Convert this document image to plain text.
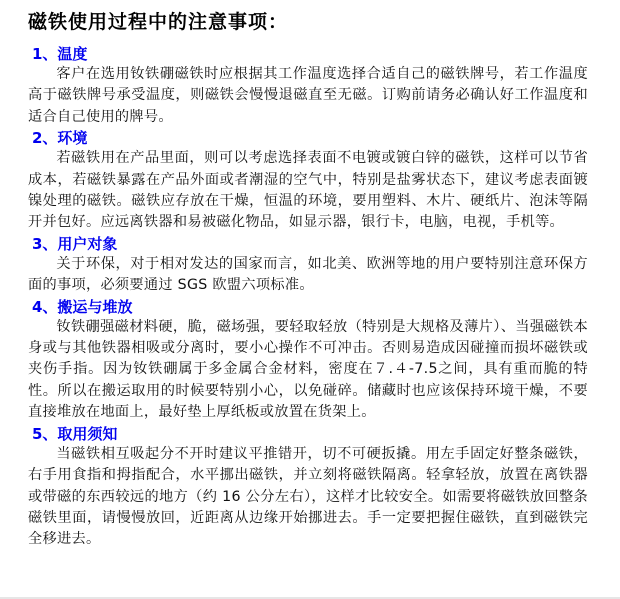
磁铁使用过程中的注意事项：
1、温度

客户在选用钕铁硼磁铁时应根据其工作温度选择合适自己的磁铁牌号，若工作温度高于磁铁牌号承受温度，则磁铁会慢慢退磁直至无磁。订购前请务必确认好工作温度和适合自己使用的牌号。

2、环境

若磁铁用在产品里面，则可以考虑选择表面不电镀或镀白锌的磁铁，这样可以节省成本，若磁铁暴露在产品外面或者潮湿的空气中，特别是盐雾状态下，建议考虑表面镀镍处理的磁铁。磁铁应存放在干燥，恒温的环境，要用塑料、木片、硬纸片、泡沫等隔开并包好。应远离铁器和易被磁化物品，如显示器，银行卡，电脑，电视，手机等。

3、用户对象

关于环保，对于相对发达的国家而言，如北美、欧洲等地的用户要特别注意环保方面的事项，必须要通过 SGS 欧盟六项标准。

4、搬运与堆放

钕铁硼强磁材料硬，脆，磁场强，要轻取轻放（特别是大规格及薄片）、当强磁铁本身或与其他铁器相吸或分离时，要小心操作不可冲击。否则易造成因碰撞而损坏磁铁或夹伤手指。因为钕铁硼属于多金属合金材料，密度在７.４-7.5之间，具有重而脆的特性。所以在搬运取用的时候要特别小心，以免碰碎。储藏时也应该保持环境干燥，不要直接堆放在地面上，最好垫上厚纸板或放置在货架上。

5、取用须知

当磁铁相互吸起分不开时建议平推错开，切不可硬扳撬。用左手固定好整条磁铁，右手用食指和拇指配合，水平挪出磁铁，并立刻将磁铁隔离。轻拿轻放，放置在离铁器或带磁的东西较远的地方（约 16 公分左右），这样才比较安全。如需要将磁铁放回整条磁铁里面，请慢慢放回，近距离从边缘开始挪进去。手一定要把握住磁铁，直到磁铁完全移进去。
